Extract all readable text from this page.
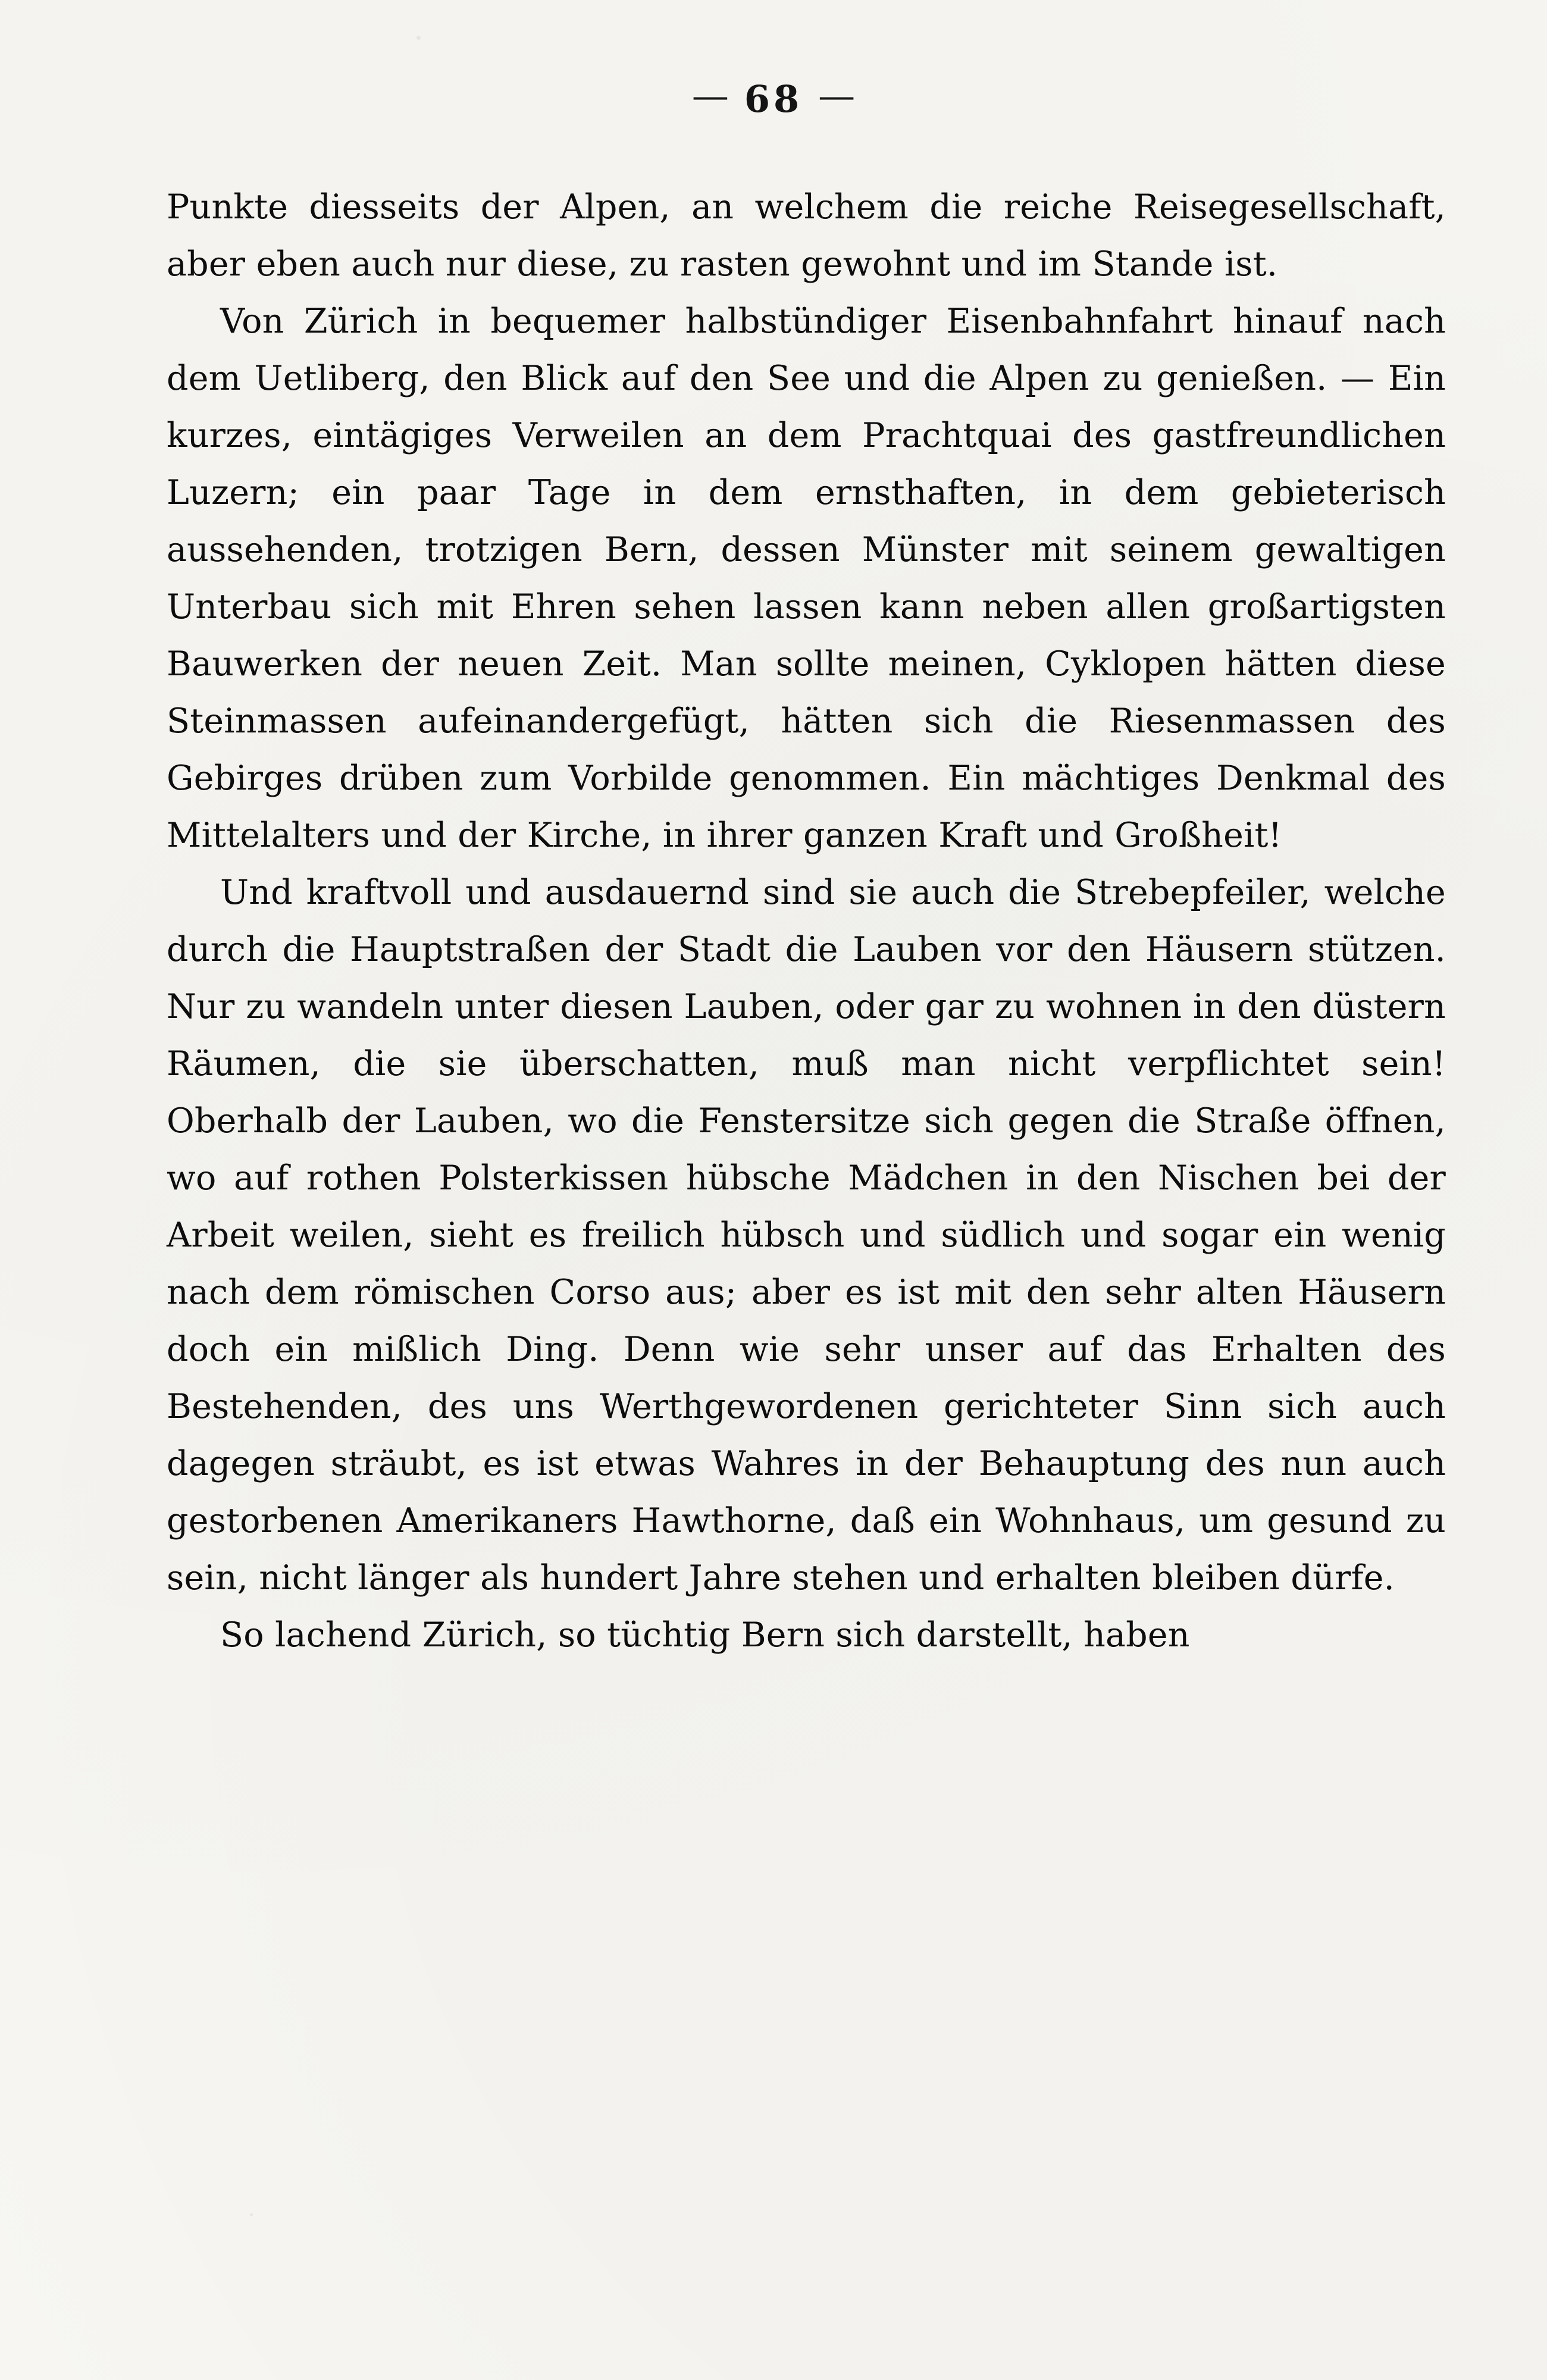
— 68 —

Punkte diesseits der Alpen, an welchem die reiche Reisegesellschaft, aber eben auch nur diese, zu rasten gewohnt und im Stande ist.

Von Zürich in bequemer halbstündiger Eisenbahnfahrt hinauf nach dem Uetliberg, den Blick auf den See und die Alpen zu genießen. — Ein kurzes, eintägiges Verweilen an dem Prachtquai des gastfreundlichen Luzern; ein paar Tage in dem ernsthaften, in dem gebieterisch aussehenden, trotzigen Bern, dessen Münster mit seinem gewaltigen Unterbau sich mit Ehren sehen lassen kann neben allen großartigsten Bauwerken der neuen Zeit. Man sollte meinen, Cyklopen hätten diese Steinmassen aufeinandergefügt, hätten sich die Riesenmassen des Gebirges drüben zum Vorbilde genommen. Ein mächtiges Denkmal des Mittelalters und der Kirche, in ihrer ganzen Kraft und Großheit!

Und kraftvoll und ausdauernd sind sie auch die Strebepfeiler, welche durch die Hauptstraßen der Stadt die Lauben vor den Häusern stützen. Nur zu wandeln unter diesen Lauben, oder gar zu wohnen in den düstern Räumen, die sie überschatten, muß man nicht verpflichtet sein! Oberhalb der Lauben, wo die Fenstersitze sich gegen die Straße öffnen, wo auf rothen Polsterkissen hübsche Mädchen in den Nischen bei der Arbeit weilen, sieht es freilich hübsch und südlich und sogar ein wenig nach dem römischen Corso aus; aber es ist mit den sehr alten Häusern doch ein mißlich Ding. Denn wie sehr unser auf das Erhalten des Bestehenden, des uns Werthgewordenen gerichteter Sinn sich auch dagegen sträubt, es ist etwas Wahres in der Behauptung des nun auch gestorbenen Amerikaners Hawthorne, daß ein Wohnhaus, um gesund zu sein, nicht länger als hundert Jahre stehen und erhalten bleiben dürfe.

So lachend Zürich, so tüchtig Bern sich darstellt, haben
